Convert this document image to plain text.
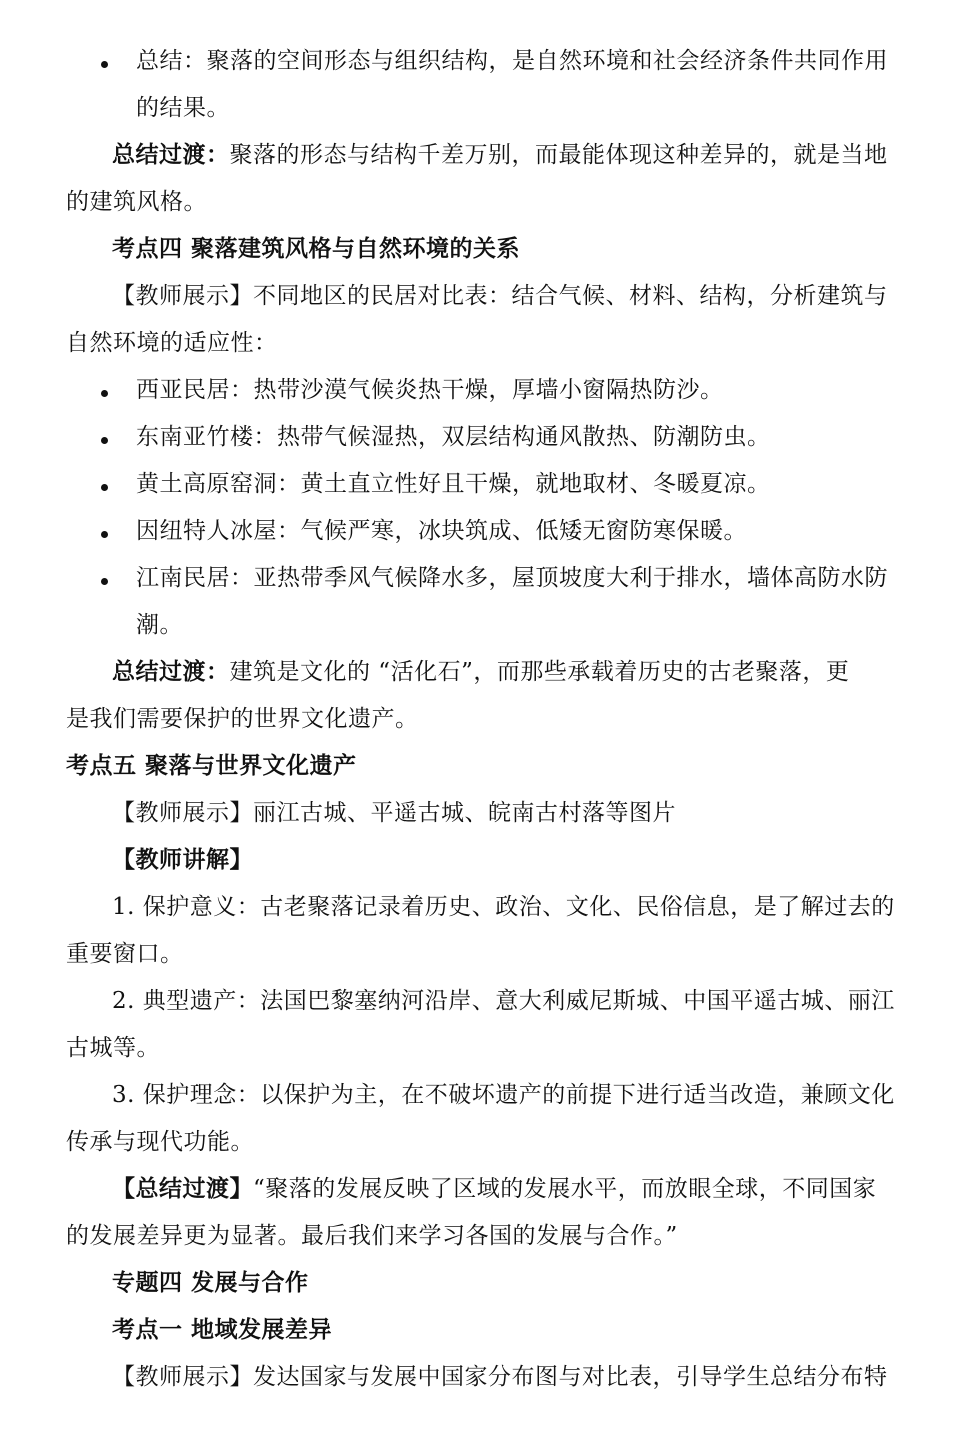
总结：聚落的空间形态与组织结构，是自然环境和社会经济条件共同作用
的结果。
总结过渡：聚落的形态与结构千差万别，而最能体现这种差异的，就是当地
的建筑风格。
考点四 聚落建筑风格与自然环境的关系
【教师展示】不同地区的民居对比表：结合气候、材料、结构，分析建筑与
自然环境的适应性：
西亚民居：热带沙漠气候炎热干燥，厚墙小窗隔热防沙。
东南亚竹楼：热带气候湿热，双层结构通风散热、防潮防虫。
黄土高原窑洞：黄土直立性好且干燥，就地取材、冬暖夏凉。
因纽特人冰屋：气候严寒，冰块筑成、低矮无窗防寒保暖。
江南民居：亚热带季风气候降水多，屋顶坡度大利于排水，墙体高防水防
潮。
总结过渡：建筑是文化的 “活化石”，而那些承载着历史的古老聚落，更
是我们需要保护的世界文化遗产。
考点五 聚落与世界文化遗产
【教师展示】丽江古城、平遥古城、皖南古村落等图片
【教师讲解】
1. 保护意义：古老聚落记录着历史、政治、文化、民俗信息，是了解过去的
重要窗口。
2. 典型遗产：法国巴黎塞纳河沿岸、意大利威尼斯城、中国平遥古城、丽江
古城等。
3. 保护理念：以保护为主，在不破坏遗产的前提下进行适当改造，兼顾文化
传承与现代功能。
【总结过渡】“聚落的发展反映了区域的发展水平，而放眼全球，不同国家
的发展差异更为显著。最后我们来学习各国的发展与合作。”
专题四 发展与合作
考点一 地域发展差异
【教师展示】发达国家与发展中国家分布图与对比表，引导学生总结分布特
